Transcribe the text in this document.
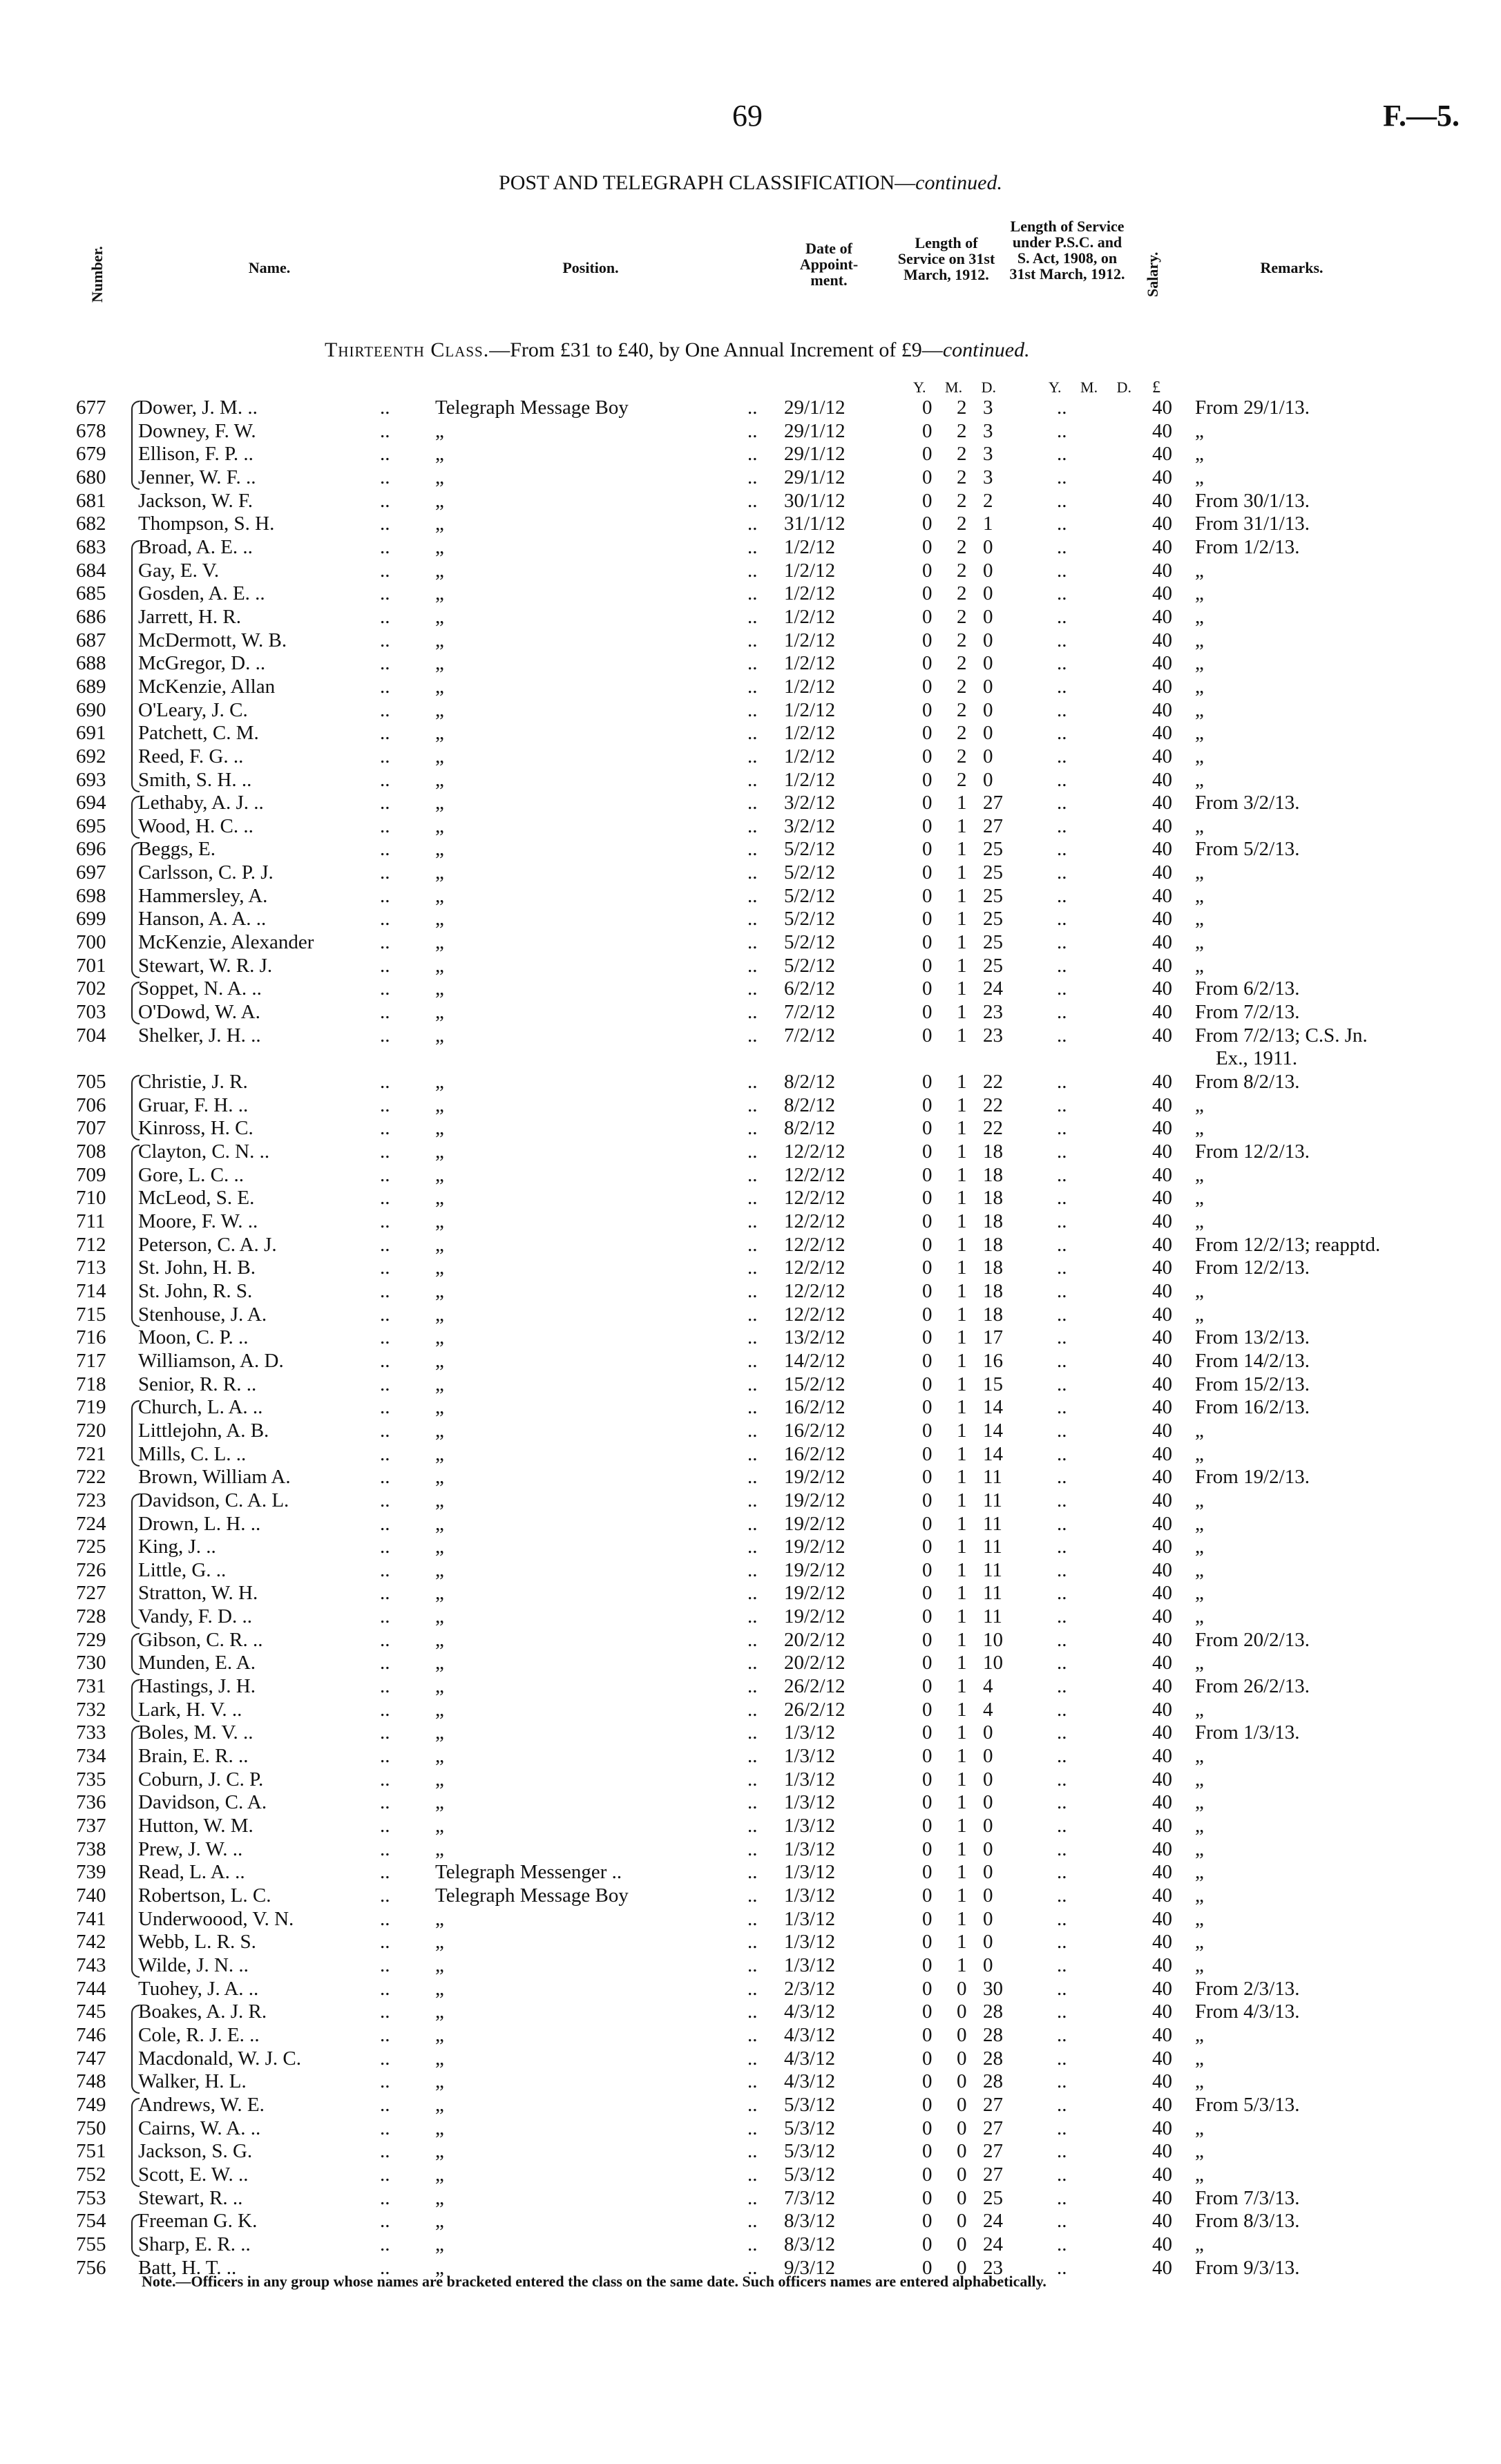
69	F.—5.
POST AND TELEGRAPH CLASSIFICATION—continued.
Number.	Name.	Position.
Date of Appoint-ment.
Length of Service on 31st March, 1912.
Length of Service under P.S.C. and S. Act, 1908, on 31st March, 1912. Salary.	Remarks.
Thirteenth Class.—From £31 to £40, by One Annual Increment of £9—continued.
Y. M. D.	Y. M. D. £
677 Dower, J. M. ..	.. Telegraph Message Boy	.. 29/1/12	0 2 3	..	40 From 29/1/13.
678 Downey, F. W.	.. „	.. 29/1/12	0 2 3	..	40 „
679 Ellison, F. P. ..	.. „	.. 29/1/12	0 2 3	..	40 „
680 Jenner, W. F. ..	.. „	.. 29/1/12	0 2 3	..	40 „
681 Jackson, W. F.	.. „	.. 30/1/12	0 2 2	..	40 From 30/1/13.
682 Thompson, S. H.	.. „	.. 31/1/12	0 2 1	..	40 From 31/1/13.
683 Broad, A. E. ..	.. „	.. 1/2/12	0 2 0	..	40 From 1/2/13.
684 Gay, E. V.	.. „	.. 1/2/12	0 2 0	..	40 „
685 Gosden, A. E. ..	.. „	.. 1/2/12	0 2 0	..	40 „
686 Jarrett, H. R.	.. „	.. 1/2/12	0 2 0	..	40 „
687 McDermott, W. B.	.. „	.. 1/2/12	0 2 0	..	40 „
688 McGregor, D. ..	.. „	.. 1/2/12	0 2 0	..	40 „
689 McKenzie, Allan	.. „	.. 1/2/12	0 2 0	..	40 „
690 O'Leary, J. C.	.. „	.. 1/2/12	0 2 0	..	40 „
691 Patchett, C. M.	.. „	.. 1/2/12	0 2 0	..	40 „
692 Reed, F. G. ..	.. „	.. 1/2/12	0 2 0	..	40 „
693 Smith, S. H. ..	.. „	.. 1/2/12	0 2 0	..	40 „
694 Lethaby, A. J. ..	.. „	.. 3/2/12	0 1 27	..	40 From 3/2/13.
695 Wood, H. C. ..	.. „	.. 3/2/12	0 1 27	..	40 „
696 Beggs, E.	.. „	.. 5/2/12	0 1 25	..	40 From 5/2/13.
697 Carlsson, C. P. J.	.. „	.. 5/2/12	0 1 25	..	40 „
698 Hammersley, A.	.. „	.. 5/2/12	0 1 25	..	40 „
699 Hanson, A. A. ..	.. „	.. 5/2/12	0 1 25	..	40 „
700 McKenzie, Alexander	.. „	.. 5/2/12	0 1 25	..	40 „
701 Stewart, W. R. J.	.. „	.. 5/2/12	0 1 25	..	40 „
702 Soppet, N. A. ..	.. „	.. 6/2/12	0 1 24	..	40 From 6/2/13.
703 O'Dowd, W. A.	.. „	.. 7/2/12	0 1 23	..	40 From 7/2/13.
704 Shelker, J. H. ..	.. „	.. 7/2/12	0 1 23	..	40 From 7/2/13; C.S. Jn.
Ex., 1911.
705 Christie, J. R.	.. „	.. 8/2/12	0 1 22	..	40 From 8/2/13.
706 Gruar, F. H. ..	.. „	.. 8/2/12	0 1 22	..	40 „
707 Kinross, H. C.	.. „	.. 8/2/12	0 1 22	..	40 „
708 Clayton, C. N. ..	.. „	.. 12/2/12	0 1 18	..	40 From 12/2/13.
709 Gore, L. C. ..	.. „	.. 12/2/12	0 1 18	..	40 „
710 McLeod, S. E.	.. „	.. 12/2/12	0 1 18	..	40 „
711 Moore, F. W. ..	.. „	.. 12/2/12	0 1 18	..	40 „
712 Peterson, C. A. J.	.. „	.. 12/2/12	0 1 18	..	40 From 12/2/13; reapptd.
713 St. John, H. B.	.. „	.. 12/2/12	0 1 18	..	40 From 12/2/13.
714 St. John, R. S.	.. „	.. 12/2/12	0 1 18	..	40 „
715 Stenhouse, J. A.	.. „	.. 12/2/12	0 1 18	..	40 „
716 Moon, C. P. ..	.. „	.. 13/2/12	0 1 17	..	40 From 13/2/13.
717 Williamson, A. D.	.. „	.. 14/2/12	0 1 16	..	40 From 14/2/13.
718 Senior, R. R. ..	.. „	.. 15/2/12	0 1 15	..	40 From 15/2/13.
719 Church, L. A. ..	.. „	.. 16/2/12	0 1 14	..	40 From 16/2/13.
720 Littlejohn, A. B.	.. „	.. 16/2/12	0 1 14	..	40 „
721 Mills, C. L. ..	.. „	.. 16/2/12	0 1 14	..	40 „
722 Brown, William A.	.. „	.. 19/2/12	0 1 11	..	40 From 19/2/13.
723 Davidson, C. A. L.	.. „	.. 19/2/12	0 1 11	..	40 „
724 Drown, L. H. ..	.. „	.. 19/2/12	0 1 11	..	40 „
725 King, J. ..	.. „	.. 19/2/12	0 1 11	..	40 „
726 Little, G. ..	.. „	.. 19/2/12	0 1 11	..	40 „
727 Stratton, W. H.	.. „	.. 19/2/12	0 1 11	..	40 „
728 Vandy, F. D. ..	.. „	.. 19/2/12	0 1 11	..	40 „
729 Gibson, C. R. ..	.. „	.. 20/2/12	0 1 10	..	40 From 20/2/13.
730 Munden, E. A.	.. „	.. 20/2/12	0 1 10	..	40 „
731 Hastings, J. H.	.. „	.. 26/2/12	0 1 4	..	40 From 26/2/13.
732 Lark, H. V. ..	.. „	.. 26/2/12	0 1 4	..	40 „
733 Boles, M. V. ..	.. „	.. 1/3/12	0 1 0	..	40 From 1/3/13.
734 Brain, E. R. ..	.. „	.. 1/3/12	0 1 0	..	40 „
735 Coburn, J. C. P.	.. „	.. 1/3/12	0 1 0	..	40 „
736 Davidson, C. A.	.. „	.. 1/3/12	0 1 0	..	40 „
737 Hutton, W. M.	.. „	.. 1/3/12	0 1 0	..	40 „
738 Prew, J. W. ..	.. „	.. 1/3/12	0 1 0	..	40 „
739 Read, L. A. ..	.. Telegraph Messenger ..	.. 1/3/12	0 1 0	..	40 „
740 Robertson, L. C.	.. Telegraph Message Boy	.. 1/3/12	0 1 0	..	40 „
741 Underwoood, V. N.	.. „	.. 1/3/12	0 1 0	..	40 „
742 Webb, L. R. S.	.. „	.. 1/3/12	0 1 0	..	40 „
743 Wilde, J. N. ..	.. „	.. 1/3/12	0 1 0	..	40 „
744 Tuohey, J. A. ..	.. „	.. 2/3/12	0 0 30	..	40 From 2/3/13.
745 Boakes, A. J. R.	.. „	.. 4/3/12	0 0 28	..	40 From 4/3/13.
746 Cole, R. J. E. ..	.. „	.. 4/3/12	0 0 28	..	40 „
747 Macdonald, W. J. C.	.. „	.. 4/3/12	0 0 28	..	40 „
748 Walker, H. L.	.. „	.. 4/3/12	0 0 28	..	40 „
749 Andrews, W. E.	.. „	.. 5/3/12	0 0 27	..	40 From 5/3/13.
750 Cairns, W. A. ..	.. „	.. 5/3/12	0 0 27	..	40 „
751 Jackson, S. G.	.. „	.. 5/3/12	0 0 27	..	40 „
752 Scott, E. W. ..	.. „	.. 5/3/12	0 0 27	..	40 „
753 Stewart, R. ..	.. „	.. 7/3/12	0 0 25	..	40 From 7/3/13.
754 Freeman G. K.	.. „	.. 8/3/12	0 0 24	..	40 From 8/3/13.
755 Sharp, E. R. ..	.. „	.. 8/3/12	0 0 24	..	40 „
756 Batt, H. T. ..	.. „	.. 9/3/12	0 0 23	..	40 From 9/3/13.
Note.—Officers in any group whose names are bracketed entered the class on the same date. Such officers names are entered alphabetically.
